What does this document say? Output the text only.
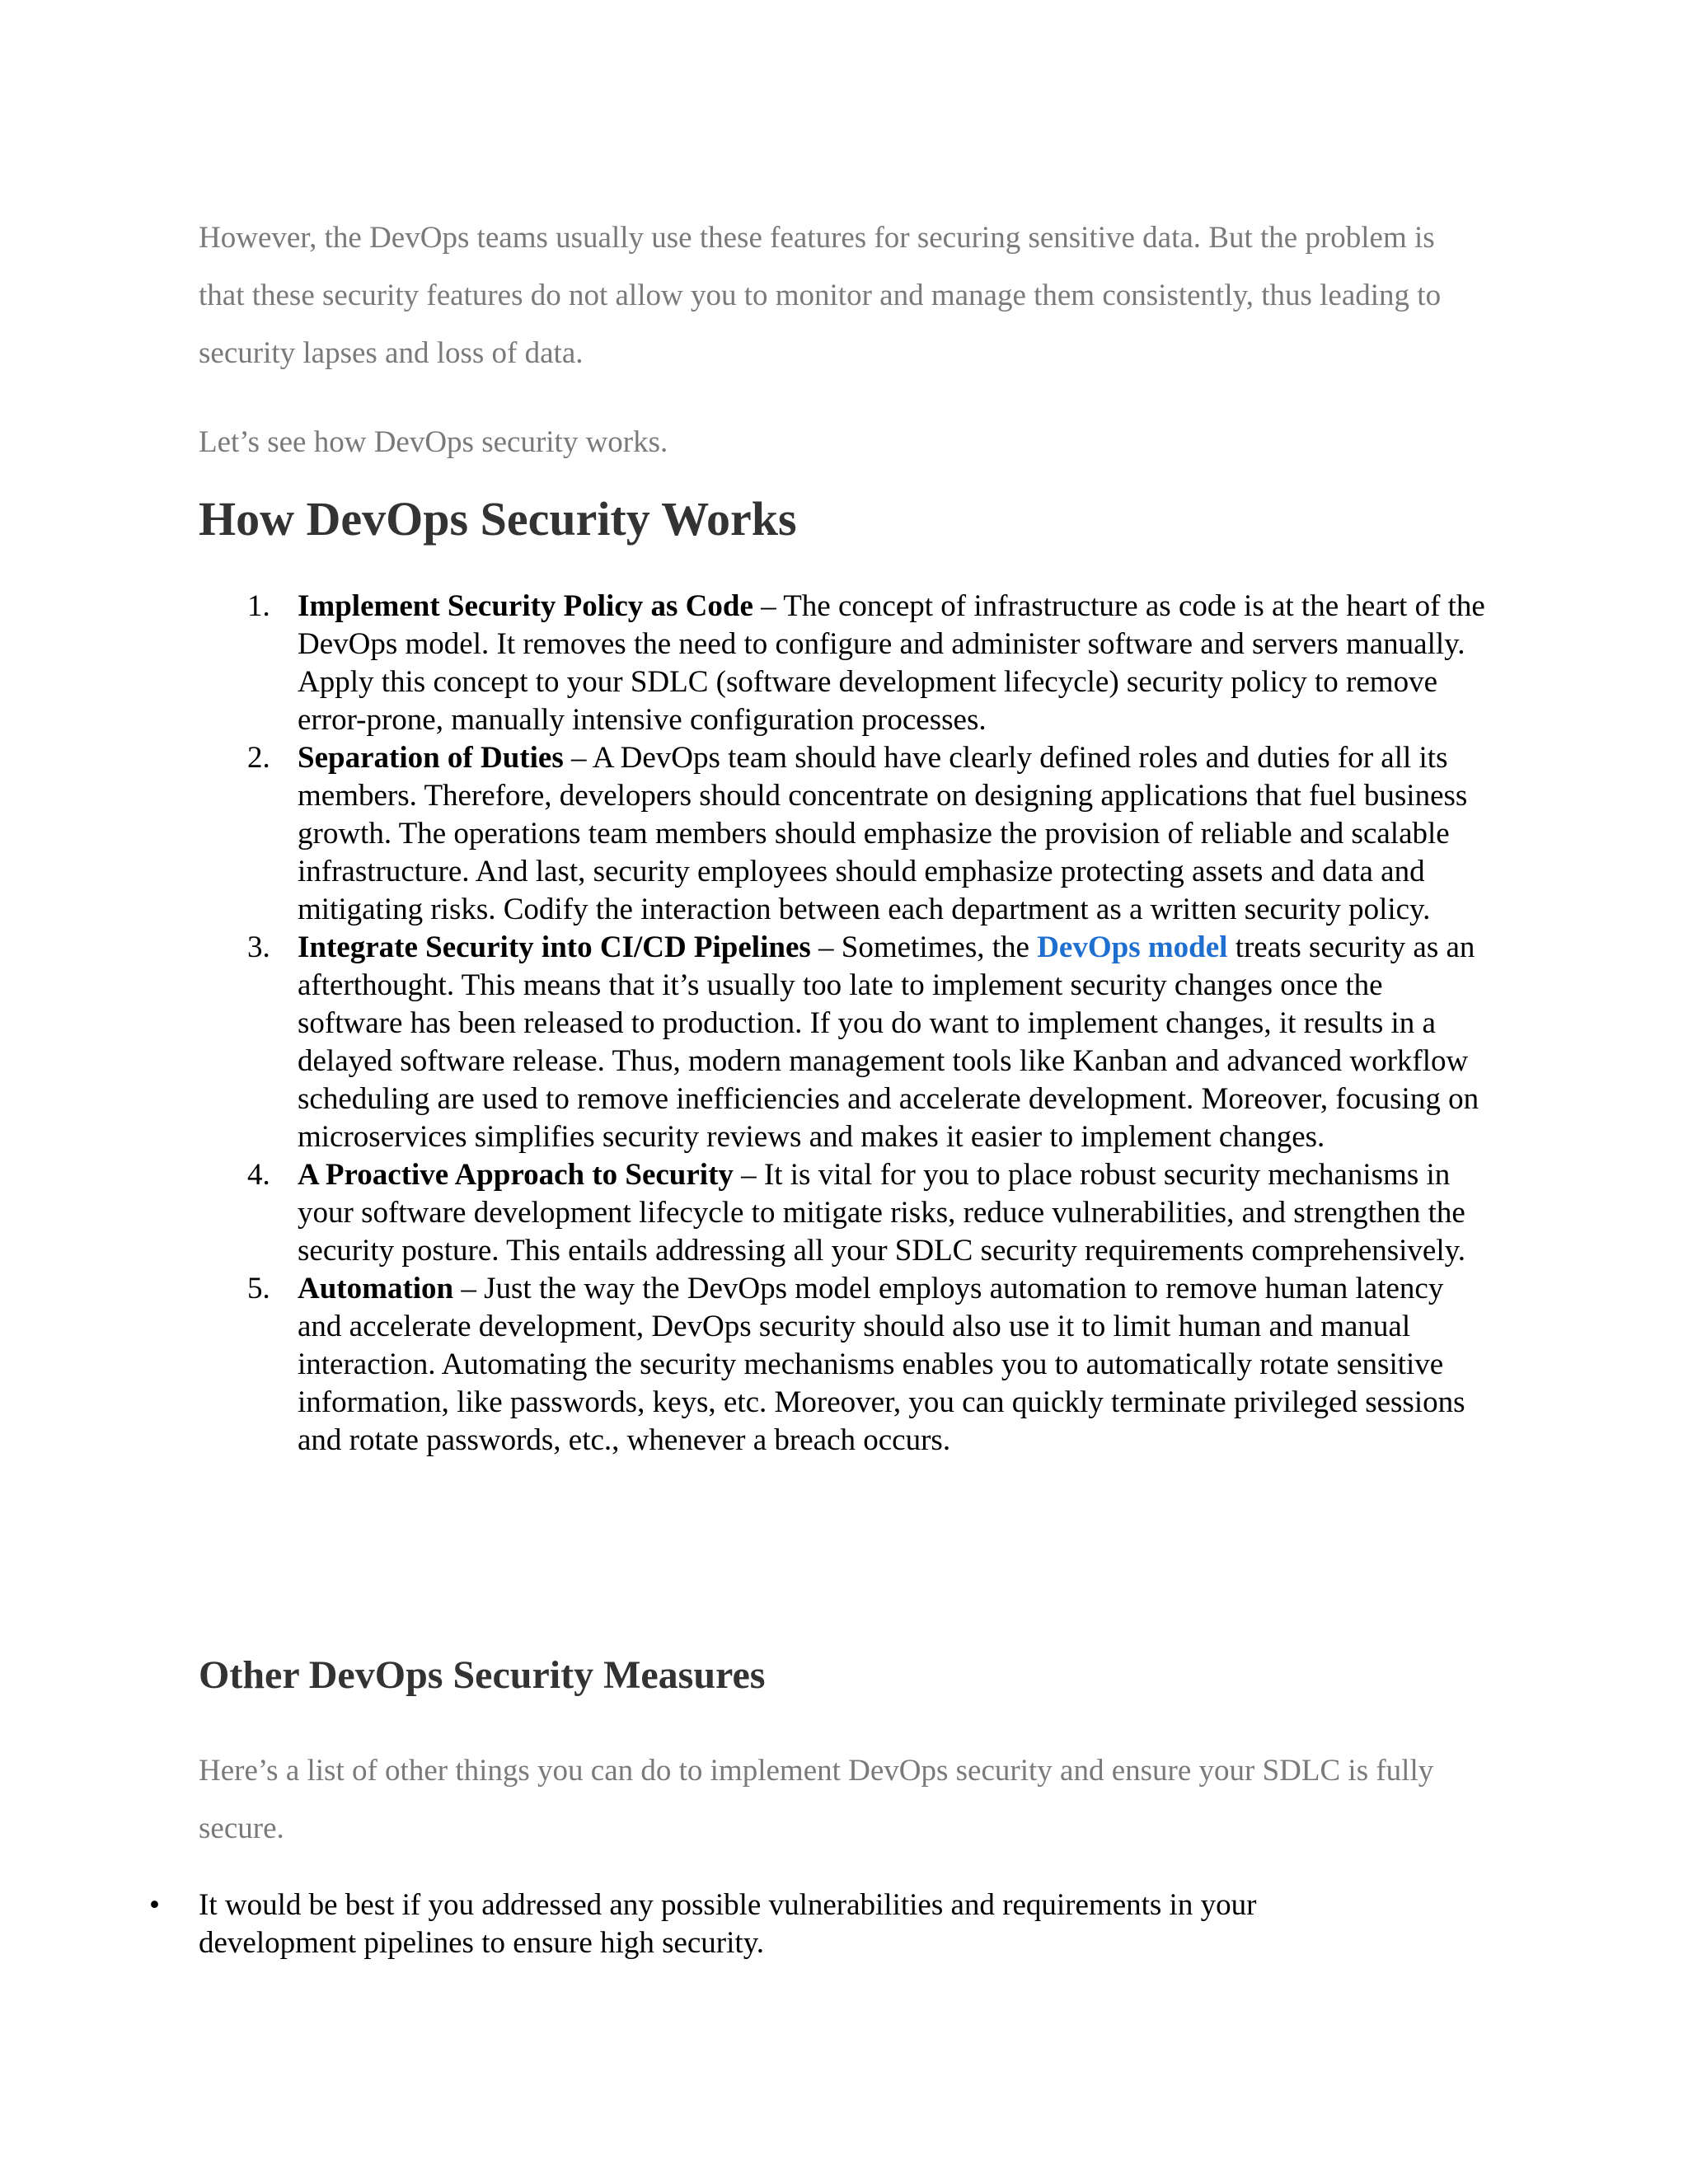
However, the DevOps teams usually use these features for securing sensitive data. But the problem is that these security features do not allow you to monitor and manage them consistently, thus leading to security lapses and loss of data.

Let’s see how DevOps security works.

How DevOps Security Works
1. Implement Security Policy as Code – The concept of infrastructure as code is at the heart of the DevOps model. It removes the need to configure and administer software and servers manually. Apply this concept to your SDLC (software development lifecycle) security policy to remove error-prone, manually intensive configuration processes.
2. Separation of Duties – A DevOps team should have clearly defined roles and duties for all its members. Therefore, developers should concentrate on designing applications that fuel business growth. The operations team members should emphasize the provision of reliable and scalable infrastructure. And last, security employees should emphasize protecting assets and data and mitigating risks. Codify the interaction between each department as a written security policy.
3. Integrate Security into CI/CD Pipelines – Sometimes, the DevOps model treats security as an afterthought. This means that it’s usually too late to implement security changes once the software has been released to production. If you do want to implement changes, it results in a delayed software release. Thus, modern management tools like Kanban and advanced workflow scheduling are used to remove inefficiencies and accelerate development. Moreover, focusing on microservices simplifies security reviews and makes it easier to implement changes.
4. A Proactive Approach to Security – It is vital for you to place robust security mechanisms in your software development lifecycle to mitigate risks, reduce vulnerabilities, and strengthen the security posture. This entails addressing all your SDLC security requirements comprehensively.
5. Automation – Just the way the DevOps model employs automation to remove human latency and accelerate development, DevOps security should also use it to limit human and manual interaction. Automating the security mechanisms enables you to automatically rotate sensitive information, like passwords, keys, etc. Moreover, you can quickly terminate privileged sessions and rotate passwords, etc., whenever a breach occurs.
Other DevOps Security Measures

Here’s a list of other things you can do to implement DevOps security and ensure your SDLC is fully secure.

• It would be best if you addressed any possible vulnerabilities and requirements in your development pipelines to ensure high security.
